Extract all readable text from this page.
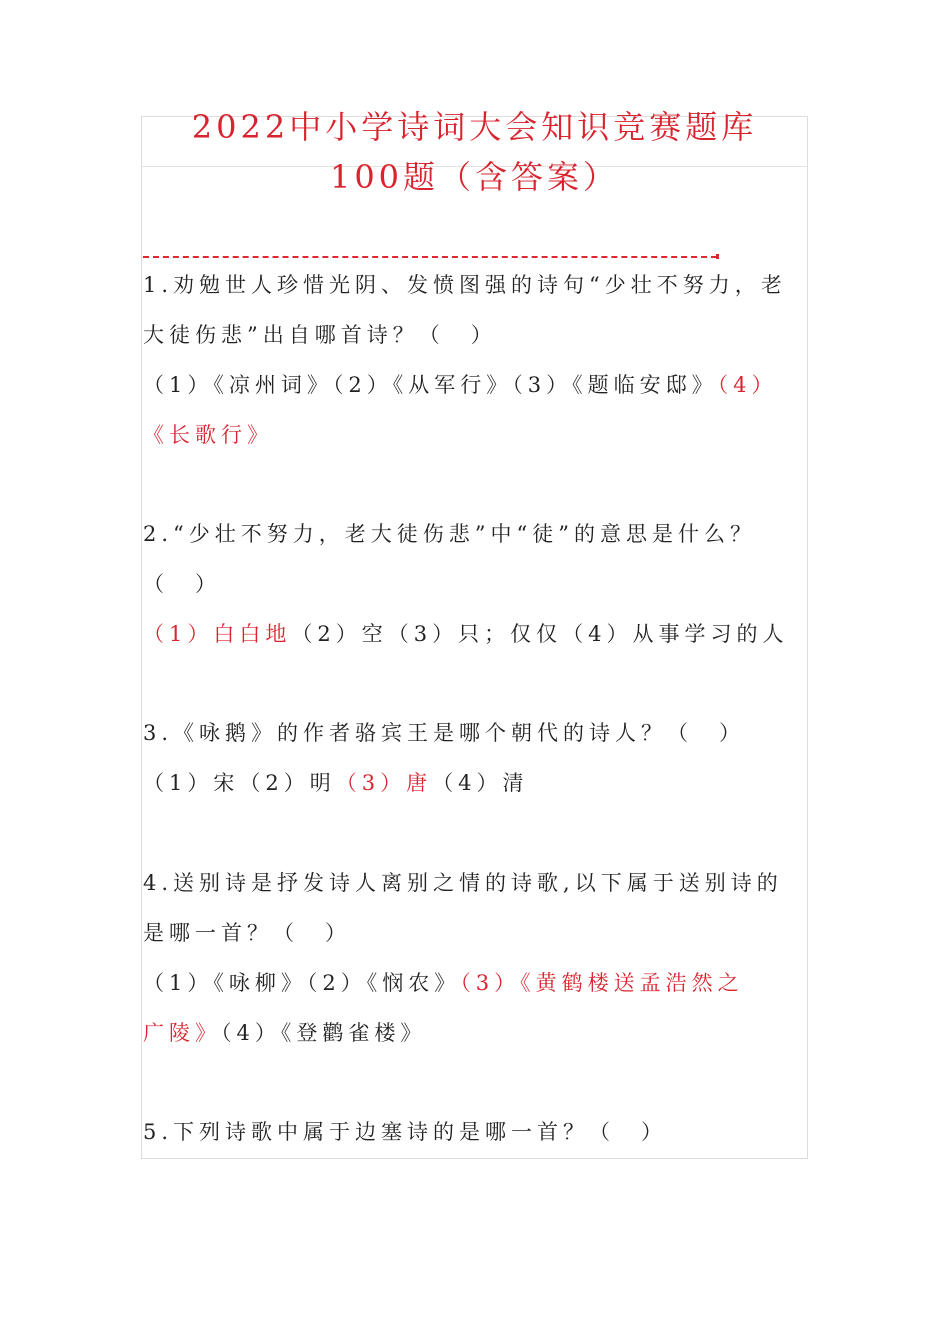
2022中小学诗词大会知识竞赛题库
100题（含答案）
1.劝勉世人珍惜光阴、发愤图强的诗句“少壮不努力，老
大徒伤悲”出自哪首诗？（　）
（1）《凉州词》（2）《从军行》（3）《题临安邸》（4）
《长歌行》
2.“少壮不努力，老大徒伤悲”中“徒”的意思是什么？
（　）
（1）白白地（2）空（3）只；仅仅（4）从事学习的人
3.《咏鹅》的作者骆宾王是哪个朝代的诗人？（　）
（1）宋（2）明（3）唐（4）清
4.送别诗是抒发诗人离别之情的诗歌,以下属于送别诗的
是哪一首？（　）
（1）《咏柳》（2）《悯农》（3）《黄鹤楼送孟浩然之
广陵》（4）《登鹳雀楼》
5.下列诗歌中属于边塞诗的是哪一首？（　）
